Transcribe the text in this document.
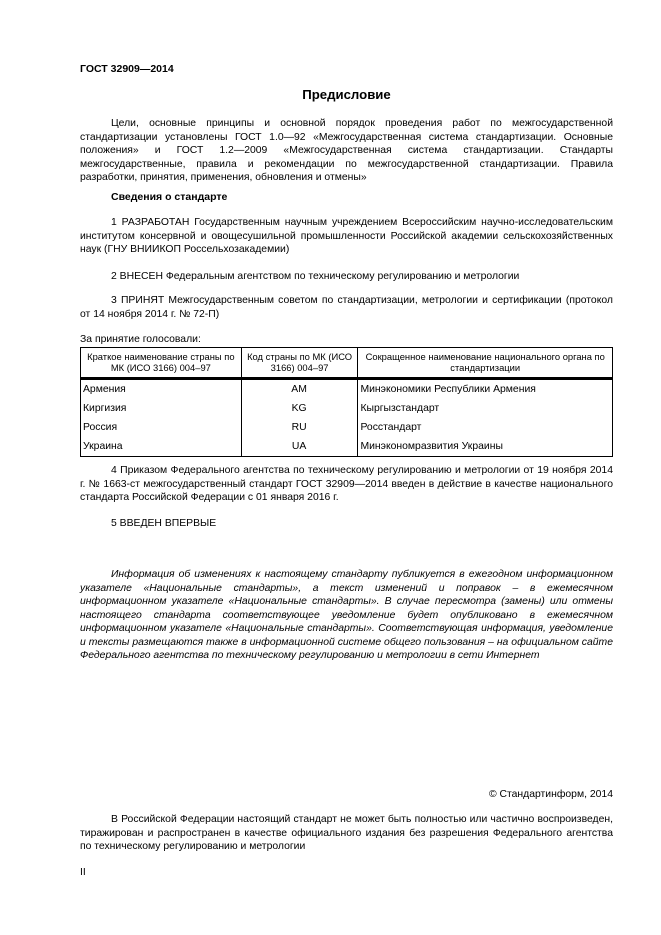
ГОСТ 32909—2014
Предисловие

Цели, основные принципы и основной порядок проведения работ по межгосударственной стандартизации установлены ГОСТ 1.0—92 «Межгосударственная система стандартизации. Основные положения» и ГОСТ 1.2—2009 «Межгосударственная система стандартизации. Стандарты межгосударственные, правила и рекомендации по межгосударственной стандартизации. Правила разработки, принятия, применения, обновления и отмены»

Сведения о стандарте

1 РАЗРАБОТАН Государственным научным учреждением Всероссийским научно-исследовательским институтом консервной и овощесушильной промышленности Российской академии сельскохозяйственных наук (ГНУ ВНИИКОП Россельхозакадемии)

2 ВНЕСЕН Федеральным агентством по техническому регулированию и метрологии

3 ПРИНЯТ Межгосударственным советом по стандартизации, метрологии и сертификации (протокол от 14 ноября 2014 г. № 72-П)

За принятие голосовали:

Краткое наименование страны по МК (ИСО 3166) 004–97	Код страны по МК (ИСО 3166) 004–97	Сокращенное наименование национального органа по стандартизации
Армения	AM	Минэкономики Республики Армения
Киргизия	KG	Кыргызстандарт
Россия	RU	Росстандарт
Украина	UA	Минэкономразвития Украины

4 Приказом Федерального агентства по техническому регулированию и метрологии от 19 ноября 2014 г. № 1663-ст межгосударственный стандарт ГОСТ 32909—2014 введен в действие в качестве национального стандарта Российской Федерации с 01 января 2016 г.

5 ВВЕДЕН ВПЕРВЫЕ

Информация об изменениях к настоящему стандарту публикуется в ежегодном информационном указателе «Национальные стандарты», а текст изменений и поправок – в ежемесячном информационном указателе «Национальные стандарты». В случае пересмотра (замены) или отмены настоящего стандарта соответствующее уведомление будет опубликовано в ежемесячном информационном указателе «Национальные стандарты». Соответствующая информация, уведомление и тексты размещаются также в информационной системе общего пользования – на официальном сайте Федерального агентства по техническому регулированию и метрологии в сети Интернет

© Стандартинформ, 2014

В Российской Федерации настоящий стандарт не может быть полностью или частично воспроизведен, тиражирован и распространен в качестве официального издания без разрешения Федерального агентства по техническому регулированию и метрологии

II
